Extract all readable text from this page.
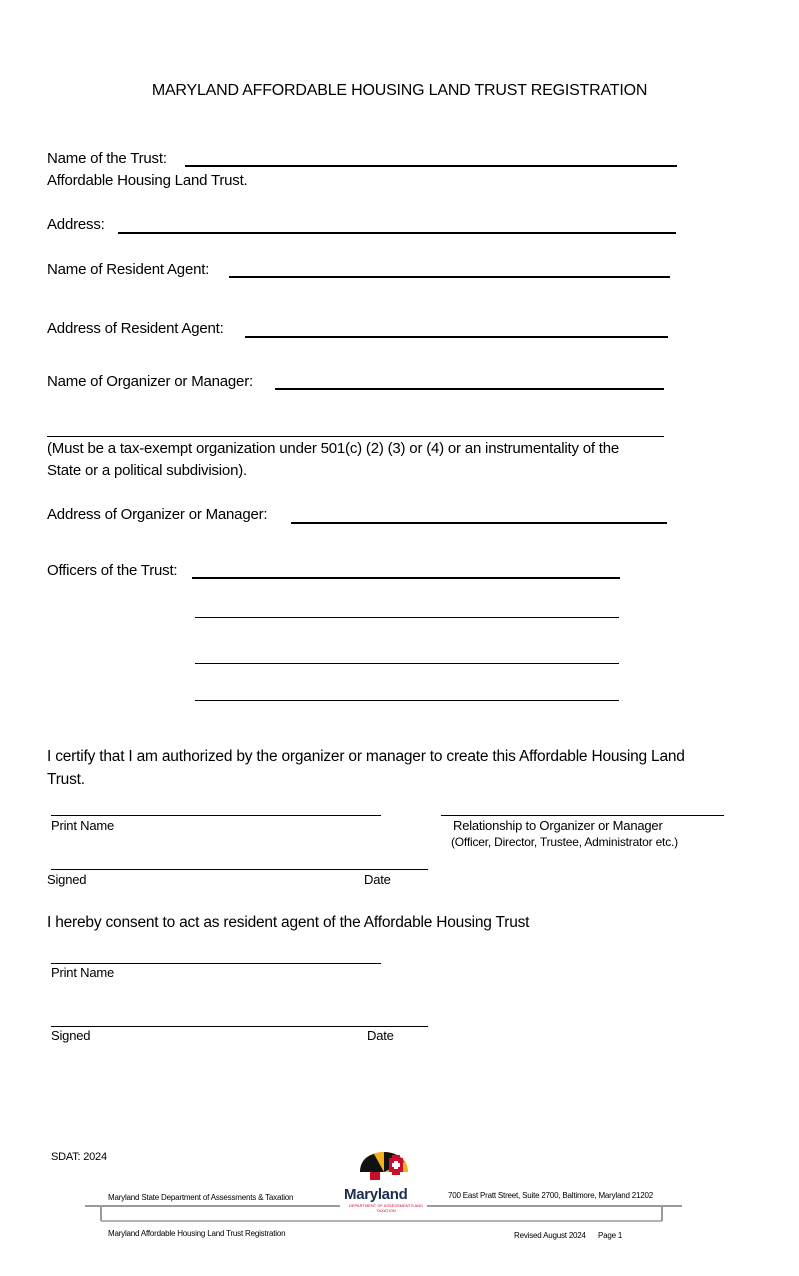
MARYLAND AFFORDABLE HOUSING LAND TRUST REGISTRATION
Name of the Trust:
Affordable Housing Land Trust.
Address:
Name of Resident Agent:
Address of Resident Agent:
Name of Organizer or Manager:
(Must be a tax-exempt organization under 501(c) (2) (3) or (4) or an instrumentality of the
State or a political subdivision).
Address of Organizer or Manager:
Officers of the Trust:
I certify that I am authorized by the organizer or manager to create this Affordable Housing Land
Trust.
Print Name	Relationship to Organizer or Manager
(Officer, Director, Trustee, Administrator etc.)
Signed	Date
I hereby consent to act as resident agent of the Affordable Housing Trust
Print Name
Signed	Date
SDAT: 2024
Maryland
DEPARTMENT OF ASSESSMENTS AND TAXATION
Maryland State Department of Assessments & Taxation	700 East Pratt Street, Suite 2700, Baltimore, Maryland 21202
Maryland Affordable Housing Land Trust Registration	Revised August 2024 Page 1
